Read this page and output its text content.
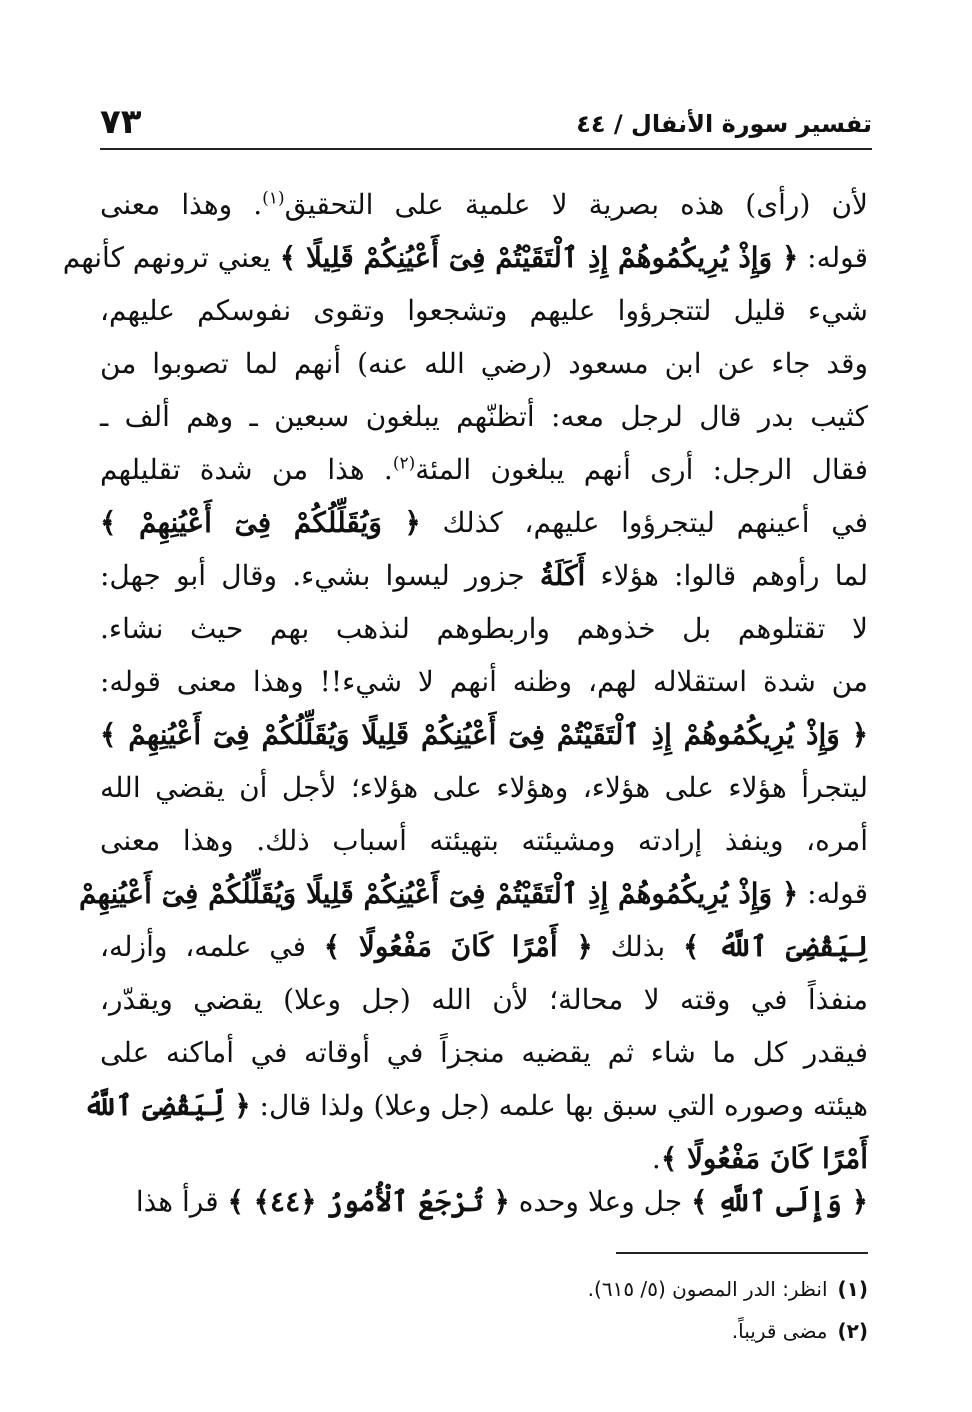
تفسير سورة الأنفال / ٤٤
٧٣
لأن (رأى) هذه بصرية لا علمية على التحقيق$^{(١)}$. وهذا معنى
قوله: ﴿ وَإِذْ يُرِيكُمُوهُمْ إِذِ ٱلْتَقَيْتُمْ فِىٓ أَعْيُنِكُمْ قَلِيلًا ﴾ يعني ترونهم كأنهم
شيء قليل لتتجرؤوا عليهم وتشجعوا وتقوى نفوسكم عليهم،
وقد جاء عن ابن مسعود (رضي الله عنه) أنهم لما تصوبوا من
كثيب بدر قال لرجل معه: أتظنّهم يبلغون سبعين ـ وهم ألف ـ
فقال الرجل: أرى أنهم يبلغون المئة$^{(٢)}$. هذا من شدة تقليلهم
في أعينهم ليتجرؤوا عليهم، كذلك ﴿ وَيُقَلِّلُكُمْ فِىٓ أَعْيُنِهِمْ ﴾
لما رأوهم قالوا: هؤلاء أَكَلَةُ جزور ليسوا بشيء. وقال أبو جهل:
لا تقتلوهم بل خذوهم واربطوهم لنذهب بهم حيث نشاء.
من شدة استقلاله لهم، وظنه أنهم لا شيء!! وهذا معنى قوله:
﴿ وَإِذْ يُرِيكُمُوهُمْ إِذِ ٱلْتَقَيْتُمْ فِىٓ أَعْيُنِكُمْ قَلِيلًا وَيُقَلِّلُكُمْ فِىٓ أَعْيُنِهِمْ ﴾
ليتجرأ هؤلاء على هؤلاء، وهؤلاء على هؤلاء؛ لأجل أن يقضي الله
أمره، وينفذ إرادته ومشيئته بتهيئته أسباب ذلك. وهذا معنى
قوله: ﴿ وَإِذْ يُرِيكُمُوهُمْ إِذِ ٱلْتَقَيْتُمْ فِىٓ أَعْيُنِكُمْ قَلِيلًا وَيُقَلِّلُكُمْ فِىٓ أَعْيُنِهِمْ
لِيَقْضِىَ ٱللَّهُ ﴾ بذلك ﴿ أَمْرًا كَانَ مَفْعُولًا ﴾ في علمه، وأزله،
منفذاً في وقته لا محالة؛ لأن الله (جل وعلا) يقضي ويقدّر،
فيقدر كل ما شاء ثم يقضيه منجزاً في أوقاته في أماكنه على
هيئته وصوره التي سبق بها علمه (جل وعلا) ولذا قال: ﴿ لِّيَقْضِىَ ٱللَّهُ
أَمْرًا كَانَ مَفْعُولًا ﴾.
﴿ وَإِلَى ٱللَّهِ ﴾ جل وعلا وحده ﴿ تُرْجَعُ ٱلْأُمُورُ ﴿٤٤﴾ ﴾ قرأ هذا
(١)انظر: الدر المصون (٥/ ٦١٥).
(٢)مضى قريباً.
